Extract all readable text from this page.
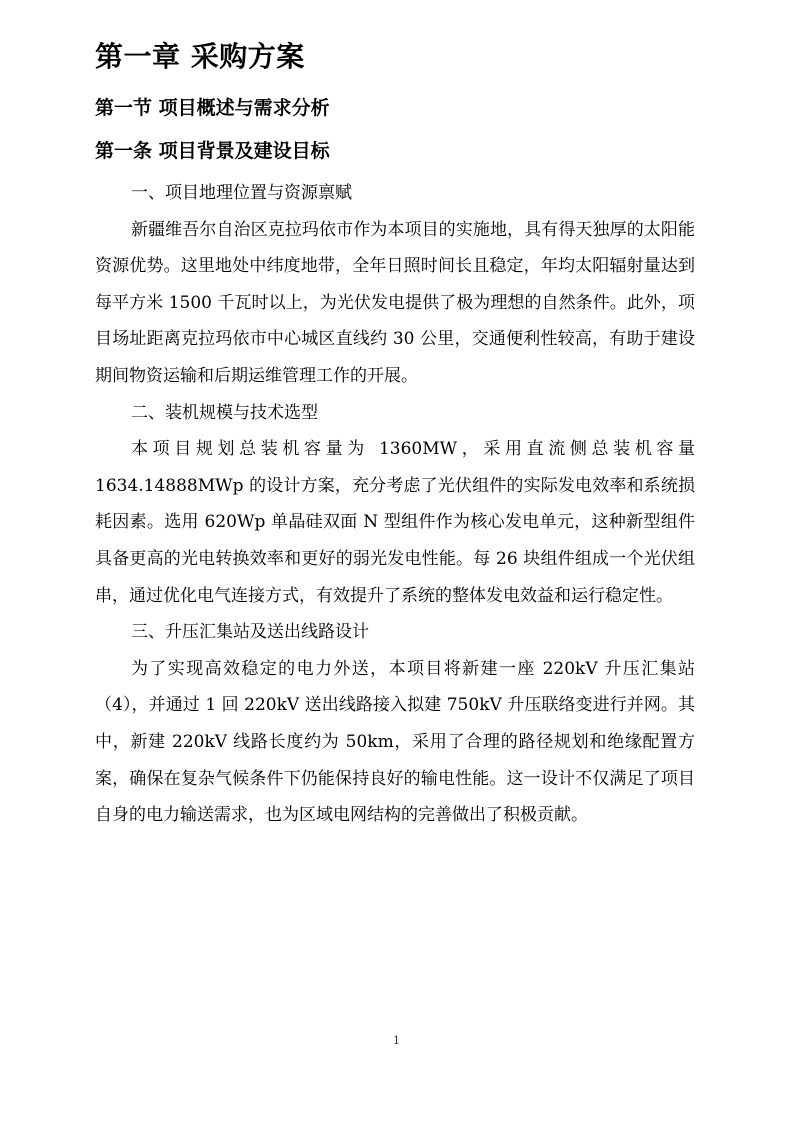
第一章 采购方案
第一节 项目概述与需求分析
第一条 项目背景及建设目标

一、项目地理位置与资源禀赋

新疆维吾尔自治区克拉玛依市作为本项目的实施地，具有得天独厚的太阳能资源优势。这里地处中纬度地带，全年日照时间长且稳定，年均太阳辐射量达到每平方米 1500 千瓦时以上，为光伏发电提供了极为理想的自然条件。此外，项目场址距离克拉玛依市中心城区直线约 30 公里，交通便利性较高，有助于建设期间物资运输和后期运维管理工作的开展。

二、装机规模与技术选型

本项目规划总装机容量为 1360MW，采用直流侧总装机容量 1634.14888MWp 的设计方案，充分考虑了光伏组件的实际发电效率和系统损耗因素。选用 620Wp 单晶硅双面 N 型组件作为核心发电单元，这种新型组件具备更高的光电转换效率和更好的弱光发电性能。每 26 块组件组成一个光伏组串，通过优化电气连接方式，有效提升了系统的整体发电效益和运行稳定性。

三、升压汇集站及送出线路设计

为了实现高效稳定的电力外送，本项目将新建一座 220kV 升压汇集站（4），并通过 1 回 220kV 送出线路接入拟建 750kV 升压联络变进行并网。其中，新建 220kV 线路长度约为 50km，采用了合理的路径规划和绝缘配置方案，确保在复杂气候条件下仍能保持良好的输电性能。这一设计不仅满足了项目自身的电力输送需求，也为区域电网结构的完善做出了积极贡献。

1
